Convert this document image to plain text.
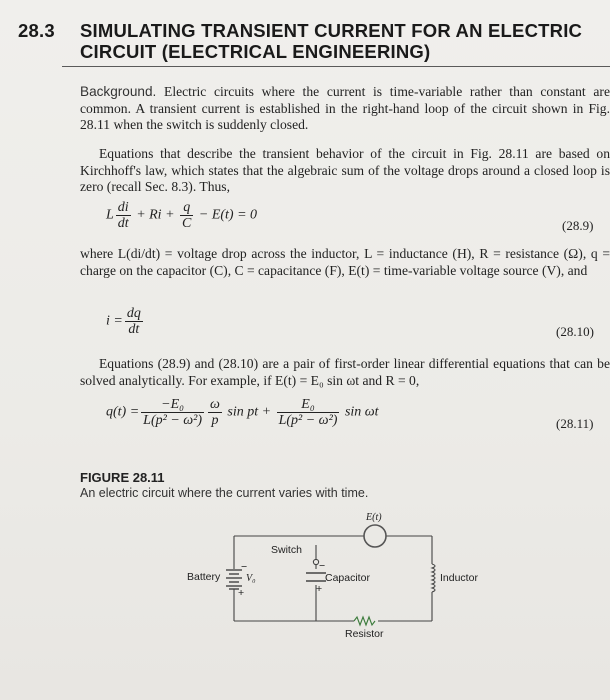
28.3 SIMULATING TRANSIENT CURRENT FOR AN ELECTRIC CIRCUIT (ELECTRICAL ENGINEERING)
Background. Electric circuits where the current is time-variable rather than constant are common. A transient current is established in the right-hand loop of the circuit shown in Fig. 28.11 when the switch is suddenly closed.
Equations that describe the transient behavior of the circuit in Fig. 28.11 are based on Kirchhoff's law, which states that the algebraic sum of the voltage drops around a closed loop is zero (recall Sec. 8.3). Thus,
L $\frac{di}{dt} + Ri + \frac{q}{C} - E(t) = 0$
(28.9)
where L(di/dt) = voltage drop across the inductor, L = inductance (H), R = resistance (Ω), q = charge on the capacitor (C), C = capacitance (F), E(t) = time-variable voltage source (V), and
$i = \frac{dq}{dt}$	(28.10)
Equations (28.9) and (28.10) are a pair of first-order linear differential equations that can be solved analytically. For example, if E(t) = E₀ sin ωt and R = 0,
$q(t) = \frac{\text{−E₀}}{\text{L(p² − ω²)}} \frac{\omega}{p}$ sin pt + $\frac{\text{E₀}}{\text{L(p² − ω²)}}$ sin ωt
(28.11)
FIGURE 28.11
An electric circuit where the current varies with time.
E(t)
Switch
Battery	V₀
−
+
−
+
Capacitor	Inductor
Resistor
